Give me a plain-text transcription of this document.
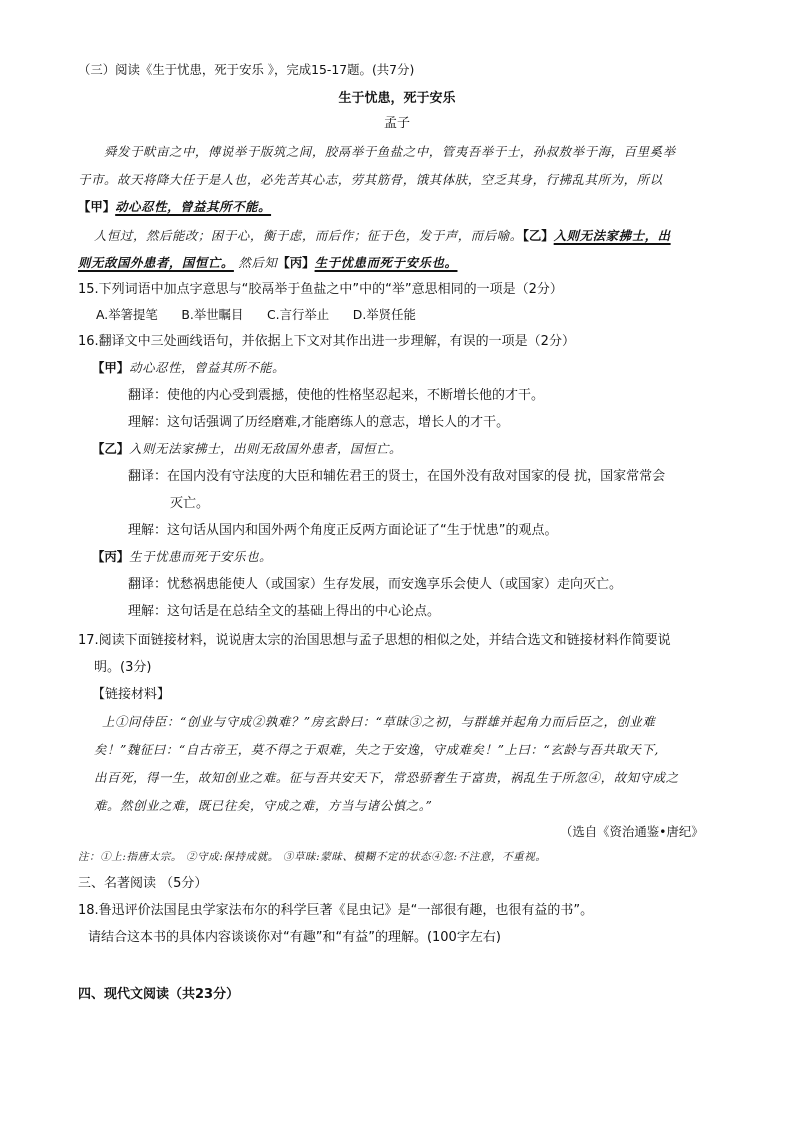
（三）阅读《生于忧患，死于安乐 》，完成15-17题。(共7分)
生于忧患，死于安乐
孟子
舜发于畎亩之中，傅说举于版筑之间，胶鬲举于鱼盐之中，管夷吾举于士，孙叔敖举于海，百里奚举
于市。故天将降大任于是人也，必先苦其心志，劳其筋骨，饿其体肤，空乏其身，行拂乱其所为，所以
【甲】动心忍性，曾益其所不能。
人恒过，然后能改；困于心，衡于虑，而后作；征于色，发于声，而后喻。【乙】入则无法家拂士，出
则无敌国外患者，国恒亡。 然后知【丙】生于忧患而死于安乐也。
15.下列词语中加点字意思与“胶鬲举于鱼盐之中”中的“举”意思相同的一项是（2分）
A.举箸提笔      B.举世瞩目      C.言行举止      D.举贤任能
16.翻译文中三处画线语句，并依据上下文对其作出进一步理解，有误的一项是（2分）
【甲】动心忍性，曾益其所不能。
翻译：使他的内心受到震撼，使他的性格坚忍起来，不断增长他的才干。
理解：这句话强调了历经磨难,才能磨练人的意志，增长人的才干。
【乙】入则无法家拂士，出则无敌国外患者，国恒亡。
翻译：在国内没有守法度的大臣和辅佐君王的贤士，在国外没有敌对国家的侵 扰，国家常常会
灭亡。
理解：这句话从国内和国外两个角度正反两方面论证了“生于忧患”的观点。
【丙】生于忧患而死于安乐也。
翻译：忧愁祸患能使人（或国家）生存发展，而安逸享乐会使人（或国家）走向灭亡。
理解：这句话是在总结全文的基础上得出的中心论点。
17.阅读下面链接材料，说说唐太宗的治国思想与孟子思想的相似之处，并结合选文和链接材料作简要说
明。(3分)
【链接材料】
上①问侍臣：“创业与守成②孰难？”房玄龄曰：“草昧③之初，与群雄并起角力而后臣之，创业难
矣！”魏征曰：“自古帝王，莫不得之于艰难，失之于安逸，守成难矣！”上曰：“玄龄与吾共取天下,
出百死，得一生，故知创业之难。征与吾共安天下，常恐骄奢生于富贵，祸乱生于所忽④，故知守成之
难。然创业之难，既已往矣，守成之难，方当与诸公慎之。”
（选自《资治通鉴•唐纪》
注：①上:指唐太宗。 ②守成:保持成就。 ③草昧:蒙昧、模糊不定的状态④忽:不注意，不重视。
三、名著阅读 （5分）
18.鲁迅评价法国昆虫学家法布尔的科学巨著《昆虫记》是“一部很有趣，也很有益的书”。
请结合这本书的具体内容谈谈你对“有趣”和“有益”的理解。(100字左右)
四、现代文阅读（共23分）
